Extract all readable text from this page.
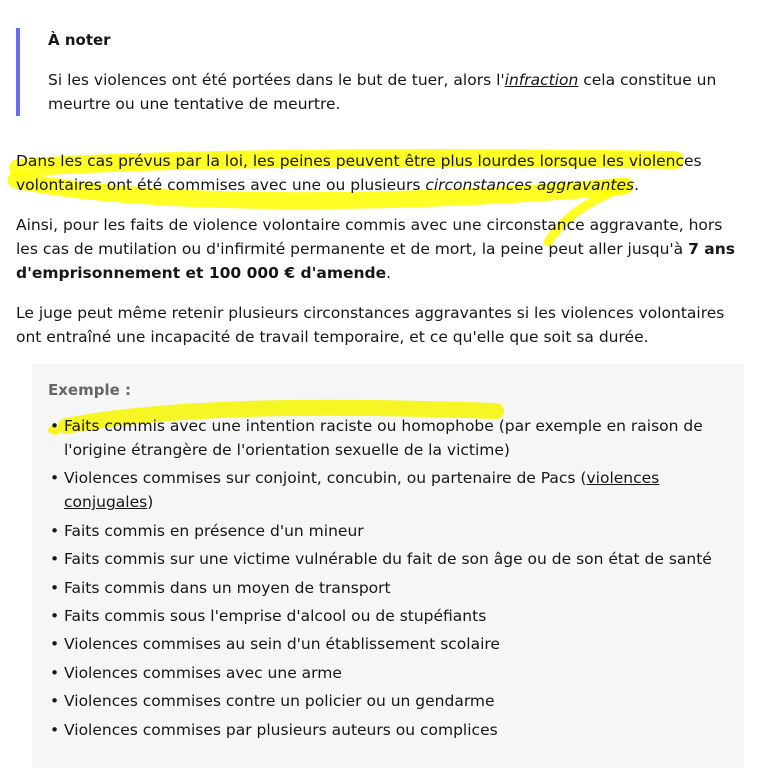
À noter

Si les violences ont été portées dans le but de tuer, alors l'infraction cela constitue un meurtre ou une tentative de meurtre.

Dans les cas prévus par la loi, les peines peuvent être plus lourdes lorsque les violences volontaires ont été commises avec une ou plusieurs circonstances aggravantes.

Ainsi, pour les faits de violence volontaire commis avec une circonstance aggravante, hors les cas de mutilation ou d'infirmité permanente et de mort, la peine peut aller jusqu'à 7 ans d'emprisonnement et 100 000 € d'amende.

Le juge peut même retenir plusieurs circonstances aggravantes si les violences volontaires ont entraîné une incapacité de travail temporaire, et ce qu'elle que soit sa durée.

Exemple :
• Faits commis avec une intention raciste ou homophobe (par exemple en raison de l'origine étrangère de l'orientation sexuelle de la victime)
• Violences commises sur conjoint, concubin, ou partenaire de Pacs (violences conjugales)
• Faits commis en présence d'un mineur
• Faits commis sur une victime vulnérable du fait de son âge ou de son état de santé
• Faits commis dans un moyen de transport
• Faits commis sous l'emprise d'alcool ou de stupéfiants
• Violences commises au sein d'un établissement scolaire
• Violences commises avec une arme
• Violences commises contre un policier ou un gendarme
• Violences commises par plusieurs auteurs ou complices
